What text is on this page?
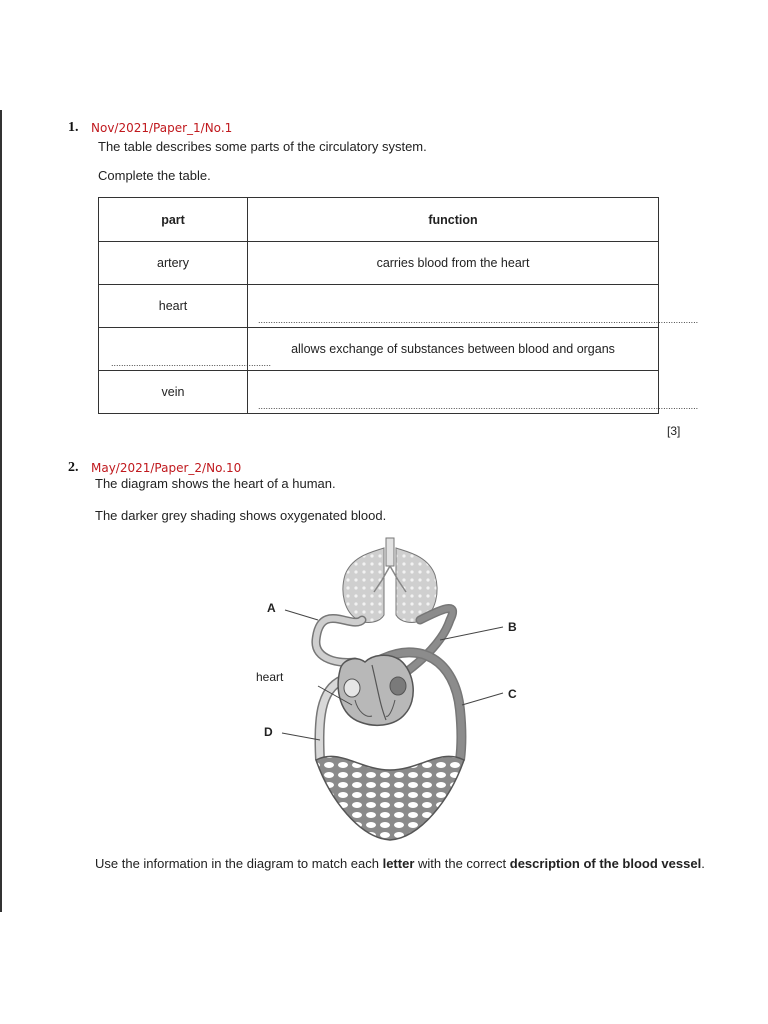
1. Nov/2021/Paper_1/No.1
The table describes some parts of the circulatory system.
Complete the table.
part	function
artery	carries blood from the heart
heart	................................................................................................................................................................................

................................................................	allows exchange of substances between blood and organs
vein	................................................................................................................................................................................
[3]
2. May/2021/Paper_2/No.10
The diagram shows the heart of a human.
The darker grey shading shows oxygenated blood.
A
B
C
D
heart
Use the information in the diagram to match each letter with the correct description of the blood vessel.
